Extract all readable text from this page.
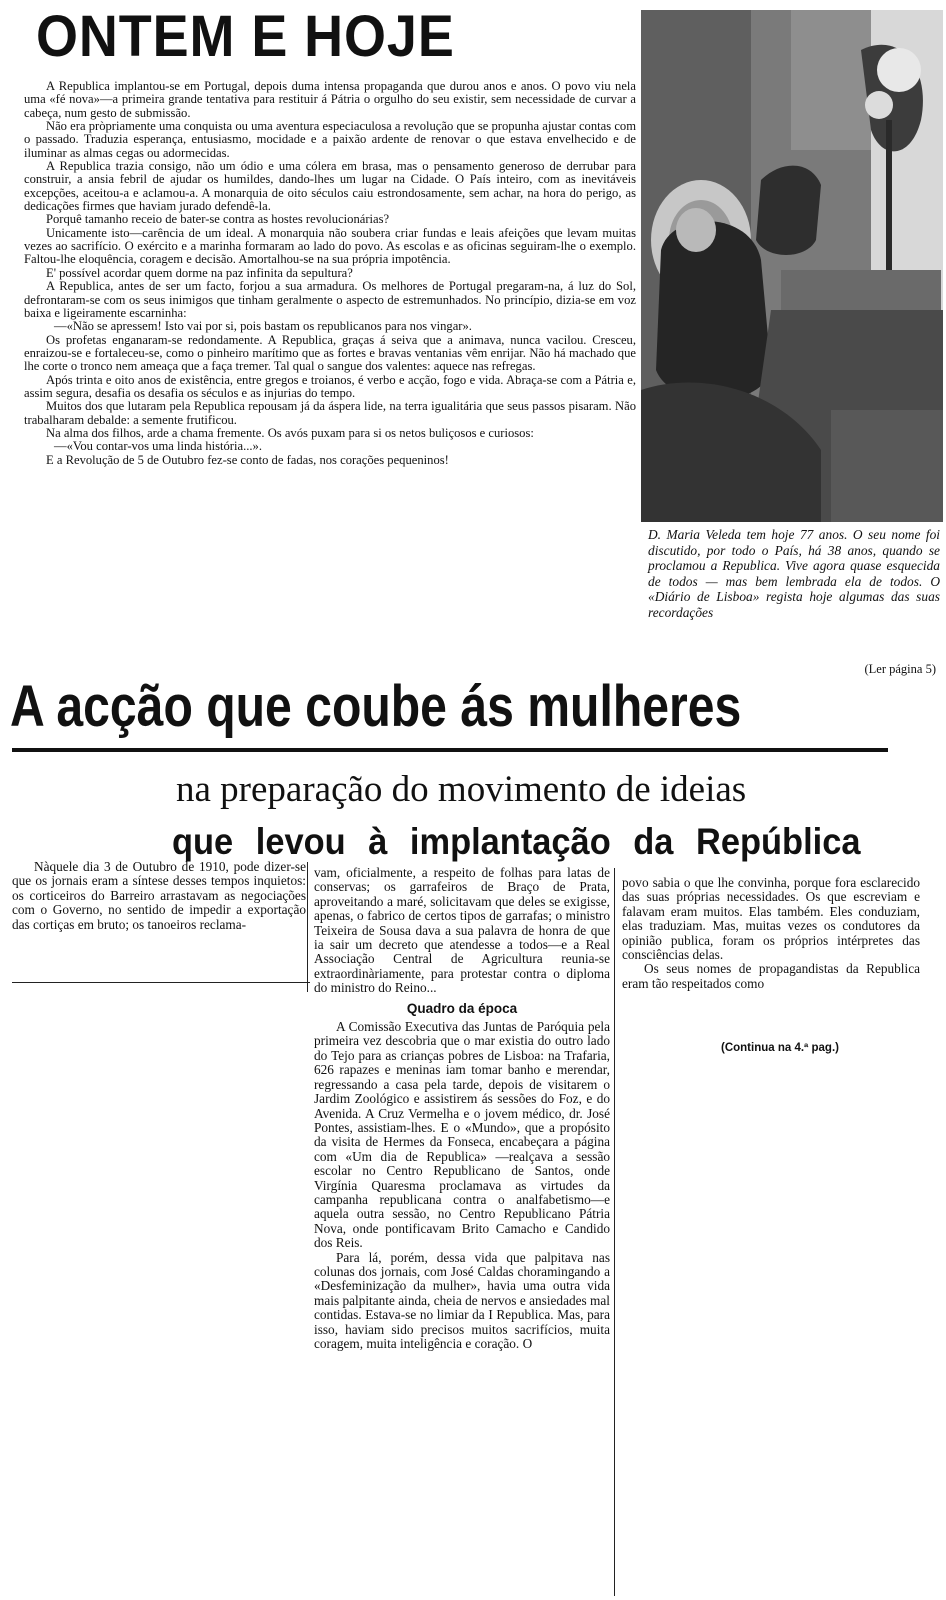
ONTEM E HOJE

A Republica implantou-se em Portugal, depois duma intensa propaganda que durou anos e anos. O povo viu nela uma «fé nova»—a primeira grande tentativa para restituir á Pátria o orgulho do seu existir, sem necessidade de curvar a cabeça, num gesto de submissão.

Não era pròpriamente uma conquista ou uma aventura especiaculosa a revolução que se propunha ajustar contas com o passado. Traduzia esperança, entusiasmo, mocidade e a paixão ardente de renovar o que estava envelhecido e de iluminar as almas cegas ou adormecidas.

A Republica trazia consigo, não um ódio e uma cólera em brasa, mas o pensamento generoso de derrubar para construir, a ansia febril de ajudar os humildes, dando-lhes um lugar na Cidade. O País inteiro, com as inevitáveis excepções, aceitou-a e aclamou-a. A monarquia de oito séculos caiu estrondosamente, sem achar, na hora do perigo, as dedicações firmes que haviam jurado defendê-la.

Porquê tamanho receio de bater-se contra as hostes revolucionárias?

Unicamente isto—carência de um ideal. A monarquia não soubera criar fundas e leais afeições que levam muitas vezes ao sacrifício. O exército e a marinha formaram ao lado do povo. As escolas e as oficinas seguiram-lhe o exemplo. Faltou-lhe eloquência, coragem e decisão. Amortalhou-se na sua própria impotência.

E' possível acordar quem dorme na paz infinita da sepultura?

A Republica, antes de ser um facto, forjou a sua armadura. Os melhores de Portugal pregaram-na, á luz do Sol, defrontaram-se com os seus inimigos que tinham geralmente o aspecto de estremunhados. No princípio, dizia-se em voz baixa e ligeiramente escarninha:

—«Não se apressem! Isto vai por si, pois bastam os republicanos para nos vingar».

Os profetas enganaram-se redondamente. A Republica, graças á seiva que a animava, nunca vacilou. Cresceu, enraizou-se e fortaleceu-se, como o pinheiro marítimo que as fortes e bravas ventanias vêm enrijar. Não há machado que lhe corte o tronco nem ameaça que a faça tremer. Tal qual o sangue dos valentes: aquece nas refregas.

Após trinta e oito anos de existência, entre gregos e troianos, é verbo e acção, fogo e vida. Abraça-se com a Pátria e, assim segura, desafia os desafia os séculos e as injurias do tempo.

Muitos dos que lutaram pela Republica repousam já da áspera lide, na terra igualitária que seus passos pisaram. Não trabalharam debalde: a semente frutificou.

Na alma dos filhos, arde a chama fremente. Os avós puxam para si os netos buliçosos e curiosos:

—«Vou contar-vos uma linda história...».

E a Revolução de 5 de Outubro fez-se conto de fadas, nos corações pequeninos!

D. Maria Veleda tem hoje 77 anos. O seu nome foi discutido, por todo o País, há 38 anos, quando se proclamou a Republica. Vive agora quase esquecida de todos — mas bem lembrada ela de todos. O «Diário de Lisboa» regista hoje algumas das suas recordações
(Ler página 5)
A acção que coube ás mulheres
na preparação do movimento de ideias
que levou à implantação da República

Nàquele dia 3 de Outubro de 1910, pode dizer-se que os jornais eram a síntese desses tempos inquietos: os corticeiros do Barreiro arrastavam as negociações com o Governo, no sentido de impedir a exportação das cortiças em bruto; os tanoeiros reclama-

vam, oficialmente, a respeito de folhas para latas de conservas; os garrafeiros de Braço de Prata, aproveitando a maré, solicitavam que deles se exigisse, apenas, o fabrico de certos tipos de garrafas; o ministro Teixeira de Sousa dava a sua palavra de honra de que ia sair um decreto que atendesse a todos—e a Real Associação Central de Agricultura reunia-se extraordinàriamente, para protestar contra o diploma do ministro do Reino...

Quadro da época

A Comissão Executiva das Juntas de Paróquia pela primeira vez descobria que o mar existia do outro lado do Tejo para as crianças pobres de Lisboa: na Trafaria, 626 rapazes e meninas iam tomar banho e merendar, regressando a casa pela tarde, depois de visitarem o Jardim Zoológico e assistirem ás sessões do Foz, e do Avenida. A Cruz Vermelha e o jovem médico, dr. José Pontes, assistiam-lhes. E o «Mundo», que a propósito da visita de Hermes da Fonseca, encabeçara a página com «Um dia de Republica» —realçava a sessão escolar no Centro Republicano de Santos, onde Virgínia Quaresma proclamava as virtudes da campanha republicana contra o analfabetismo—e aquela outra sessão, no Centro Republicano Pátria Nova, onde pontificavam Brito Camacho e Candido dos Reis.

Para lá, porém, dessa vida que palpitava nas colunas dos jornais, com José Caldas choramingando a «Desfeminização da mulher», havia uma outra vida mais palpitante ainda, cheia de nervos e ansiedades mal contidas. Estava-se no limiar da I Republica. Mas, para isso, haviam sido precisos muitos sacrifícios, muita coragem, muita inteligência e coração. O

povo sabia o que lhe convinha, porque fora esclarecido das suas próprias necessidades. Os que escreviam e falavam eram muitos. Elas também. Eles conduziam, elas traduziam. Mas, muitas vezes os condutores da opinião publica, foram os próprios intérpretes das consciências delas.

Os seus nomes de propagandistas da Republica eram tão respeitados como

(Continua na 4.ª pag.)
